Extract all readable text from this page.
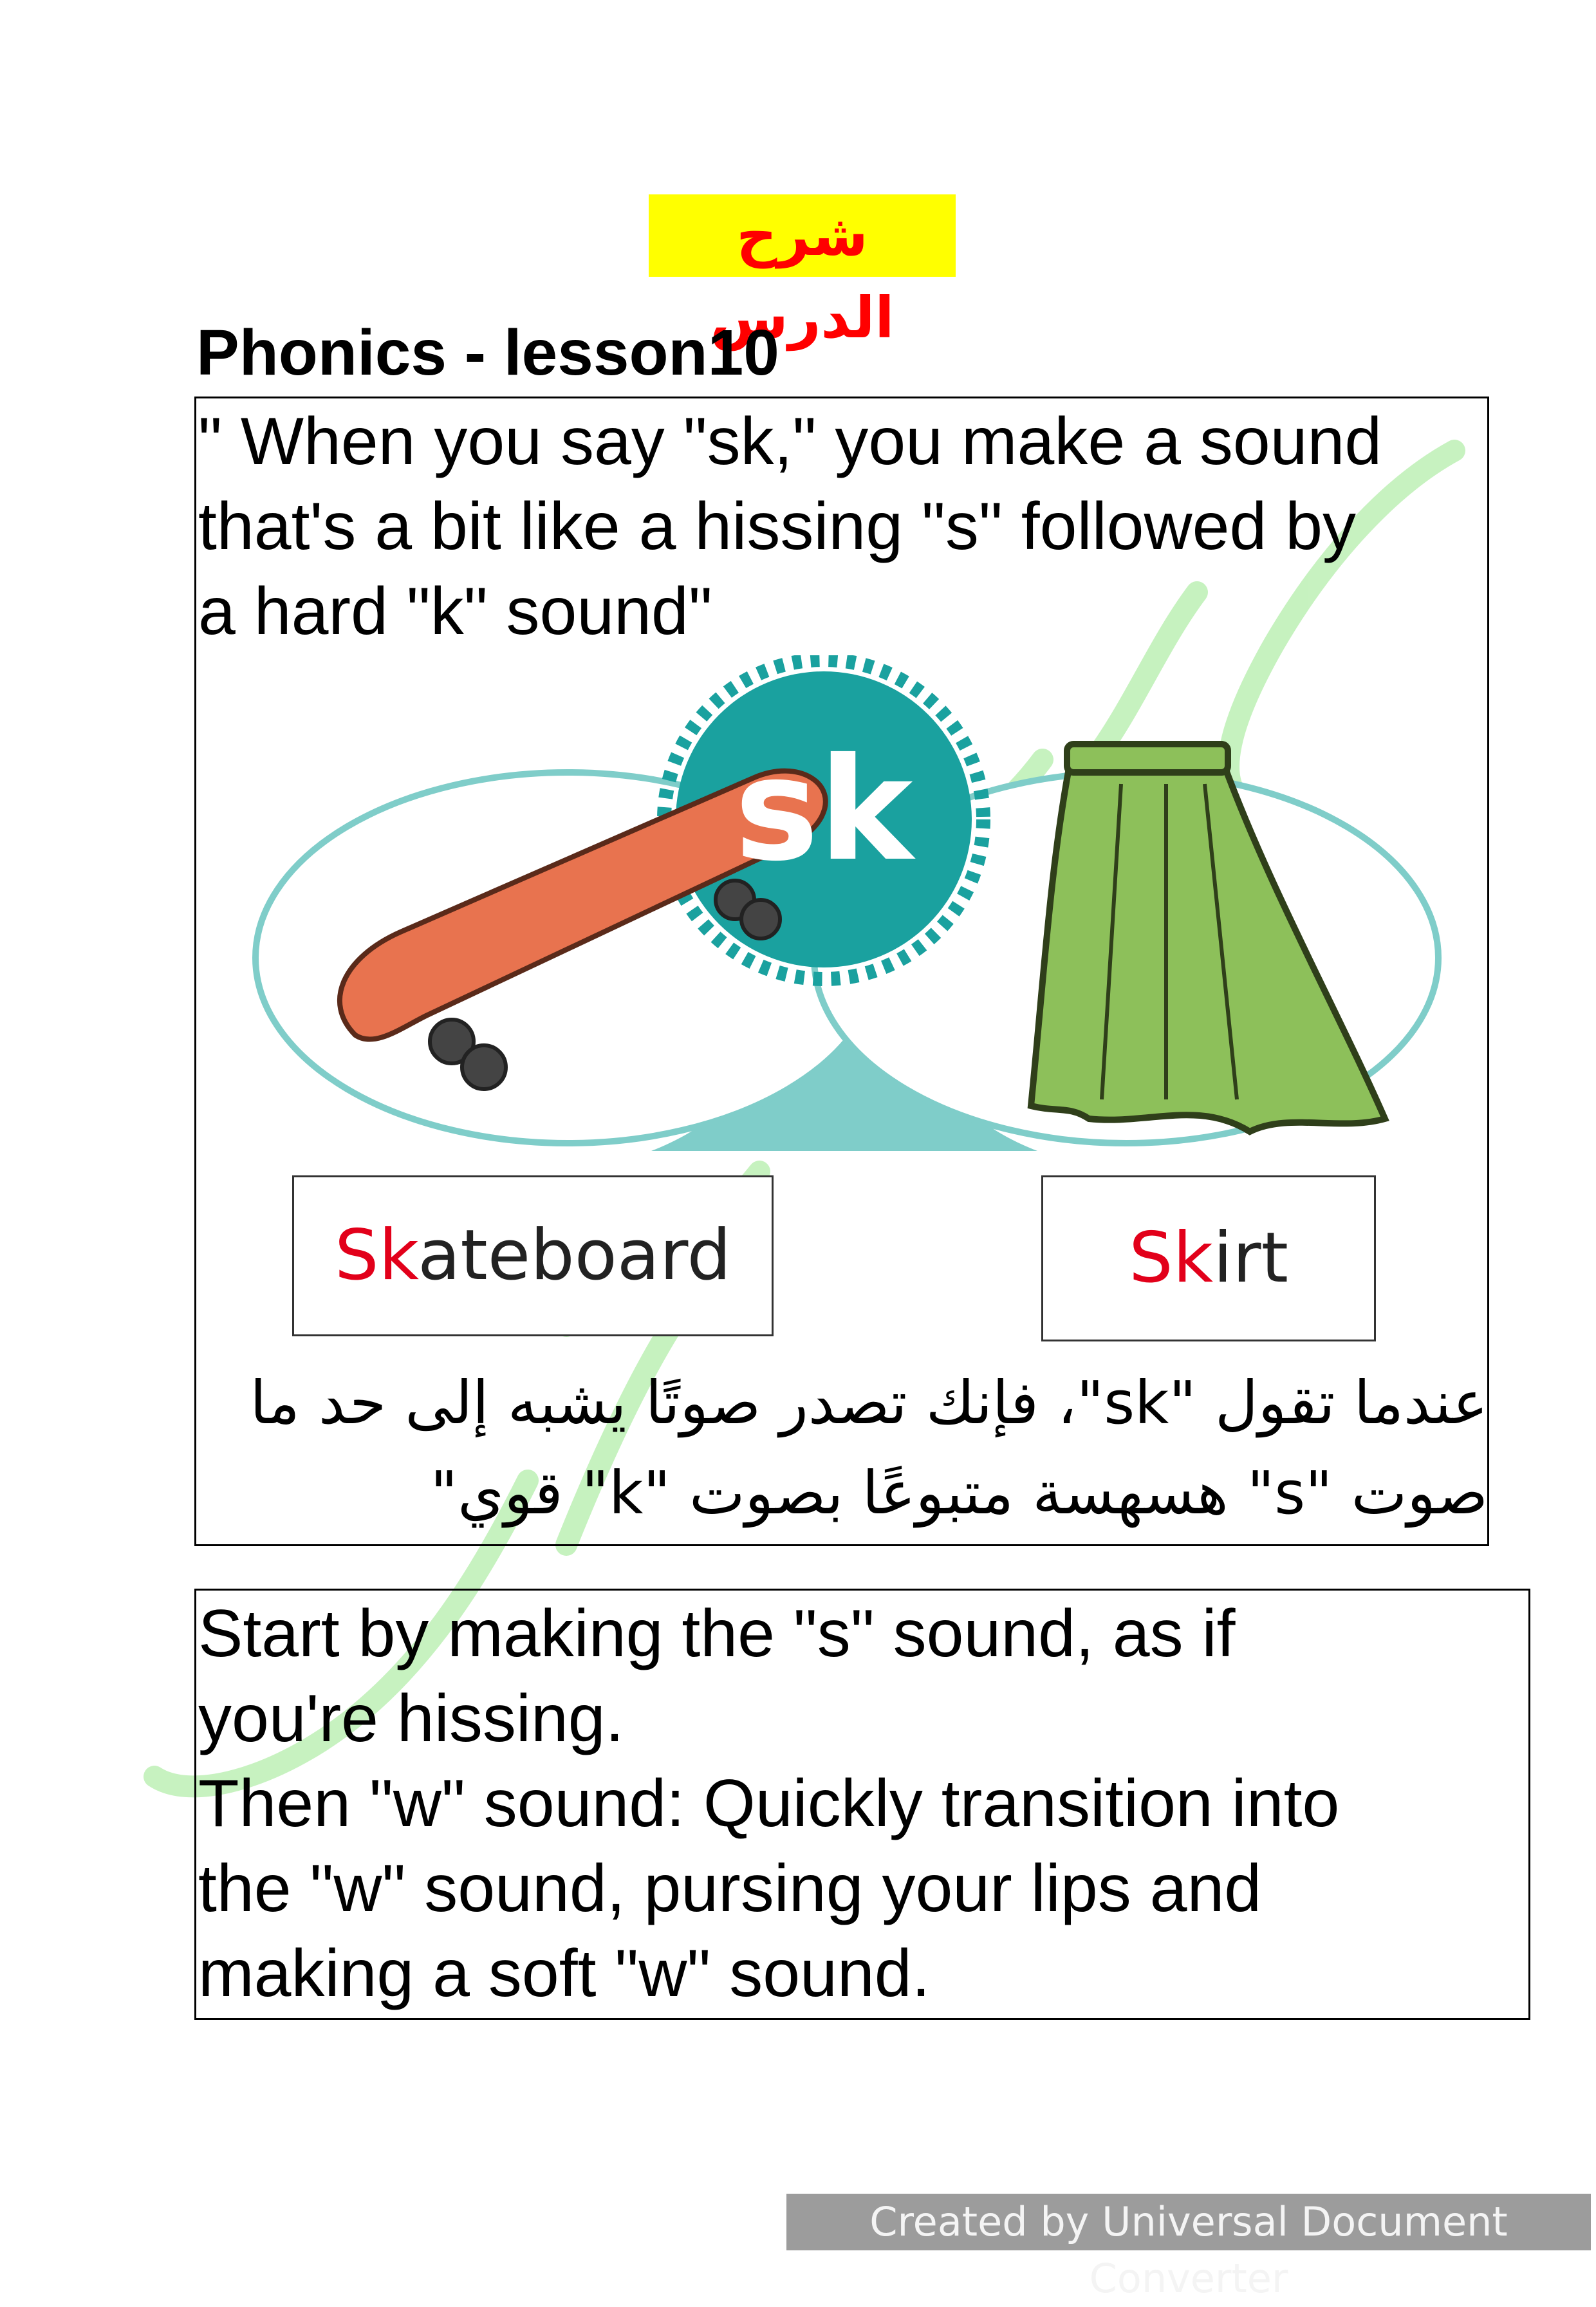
شرح الدرس
Phonics - lesson10
" When you say "sk," you make a sound
that's a bit like a hissing "s" followed by
a hard "k" sound"
sk
Skateboard	Skirt
عندما تقول "sk"، فإنك تصدر صوتًا يشبه إلى حد ما
صوت "s" هسهسة متبوعًا بصوت "k" قوي"
Start by making the "s" sound, as if
you're hissing.
Then "w" sound: Quickly transition into
the "w" sound, pursing your lips and
making a soft "w" sound.
Created by Universal Document Converter
